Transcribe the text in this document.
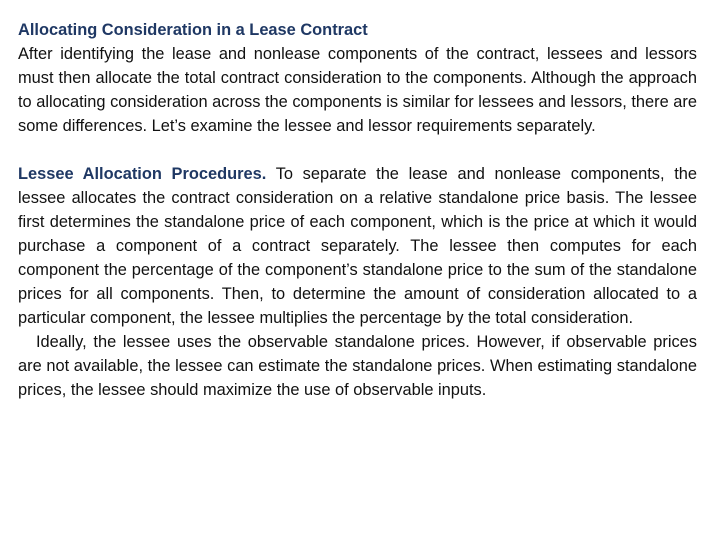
Allocating Consideration in a Lease Contract
After identifying the lease and nonlease components of the contract, lessees and lessors must then allocate the total contract consideration to the components. Although the approach to allocating consideration across the components is similar for lessees and lessors, there are some differences. Let’s examine the lessee and lessor requirements separately.
Lessee Allocation Procedures. To separate the lease and nonlease components, the lessee allocates the contract consideration on a relative standalone price basis. The lessee first determines the standalone price of each component, which is the price at which it would purchase a component of a contract separately. The lessee then computes for each component the percentage of the component’s standalone price to the sum of the standalone prices for all components. Then, to determine the amount of consideration allocated to a particular component, the lessee multiplies the percentage by the total consideration.
Ideally, the lessee uses the observable standalone prices. However, if observable prices are not available, the lessee can estimate the standalone prices. When estimating standalone prices, the lessee should maximize the use of observable inputs.
